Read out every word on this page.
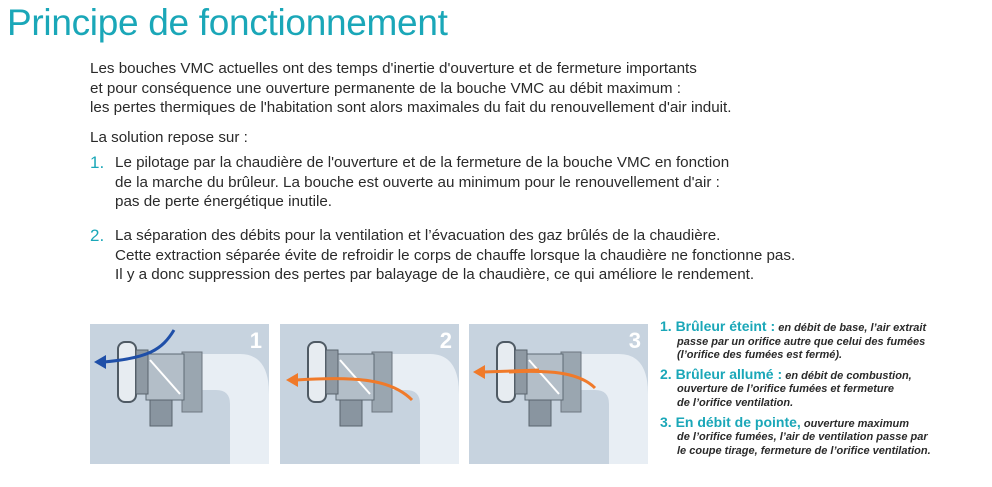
Principe de fonctionnement
Les bouches VMC actuelles ont des temps d'inertie d'ouverture et de fermeture importants
et pour conséquence une ouverture permanente de la bouche VMC au débit maximum :
les pertes thermiques de l'habitation sont alors maximales du fait du renouvellement d'air induit.
La solution repose sur :
1. Le pilotage par la chaudière de l'ouverture et de la fermeture de la bouche VMC en fonction
de la marche du brûleur. La bouche est ouverte au minimum pour le renouvellement d'air :
pas de perte énergétique inutile.
2. La séparation des débits pour la ventilation et l’évacuation des gaz brûlés de la chaudière.
Cette extraction séparée évite de refroidir le corps de chauffe lorsque la chaudière ne fonctionne pas.
Il y a donc suppression des pertes par balayage de la chaudière, ce qui améliore le rendement.
1	2	3
1. Brûleur éteint : en débit de base, l’air extrait
passe par un orifice autre que celui des fumées
(l’orifice des fumées est fermé).
2. Brûleur allumé : en débit de combustion,
ouverture de l’orifice fumées et fermeture
de l’orifice ventilation.
3. En débit de pointe, ouverture maximum
de l’orifice fumées, l’air de ventilation passe par
le coupe tirage, fermeture de l’orifice ventilation.
